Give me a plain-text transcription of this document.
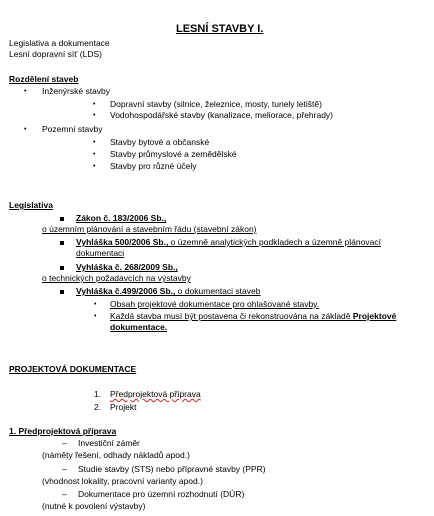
LESNÍ STAVBY I.
Legislativa a dokumentace
Lesní dopravní síť (LDS)
Rozdělení staveb
• Inženýrské stavby
• Dopravní stavby (silnice, železnice, mosty, tunely letiště)
• Vodohospodářské stavby (kanalizace, meliorace, přehrady)
• Pozemní stavby
• Stavby bytové a občanské
• Stavby průmyslové a zemědělské
• Stavby pro různé účely
Legislativa
Zákon č. 183/2006 Sb.,
o územním plánování a stavebním řádu (stavební zákon)
Vyhláška 500/2006 Sb., o územně analytických podkladech a územně plánovací
dokumentaci
Vyhláška č. 268/2009 Sb.,
o technických požadavcích na výstavby
Vyhláška č.499/2006 Sb., o dokumentaci staveb
• Obsah projektové dokumentace pro ohlašované stavby.
• Každá stavba musí být postavena či rekonstruována na základě Projektové
dokumentace.
PROJEKTOVÁ DOKUMENTACE
1. Předprojektová příprava
2. Projekt
1. Předprojektová příprava
– Investiční záměr
(náměty řešení, odhady nákladů apod.)
– Studie stavby (STS) nebo přípravné stavby (PPR)
(vhodnost lokality, pracovní varianty apod.)
– Dokumentace pro územní rozhodnutí (DÚR)
(nutné k povolení výstavby)
